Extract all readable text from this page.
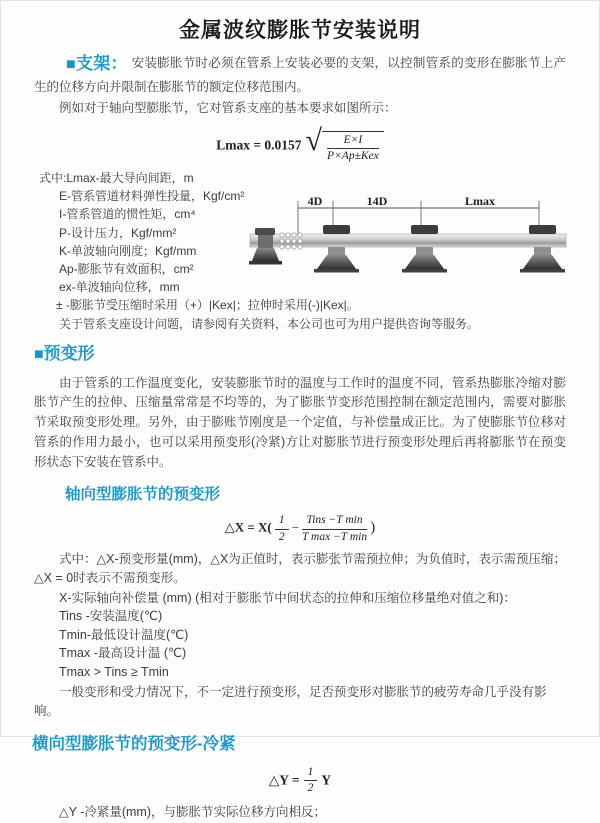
金属波纹膨胀节安装说明

■支架： 安装膨胀节时必须在管系上安装必要的支架，以控制管系的变形在膨胀节上产生的位移方向并限制在膨胀节的额定位移范围内。

例如对于轴向型膨胀节，它对管系支座的基本要求如图所示：

Lmax = 0.0157 √ $\frac{E\times I}{\text{P×Ap±Kex}}$
式中:Lmax-最大导向间距，m
E-管系管道材料弹性投量，Kgf/cm²
I-管系管道的惯性矩，cm⁴
P-设计压力，Kgf/mm²
K-单波轴向刚度；Kgf/mm
Ap-膨胀节有效面积，cm²
ex-单波轴向位移，mm
± -膨胀节受压缩时采用（+）|Kex|；拉伸时采用(-)|Kex|。
关于管系支座设计问题，请参阅有关资料，本公司也可为用户提供咨询等服务。
4D	14D	Lmax

■预变形

由于管系的工作温度变化，安装膨胀节时的温度与工作时的温度不同，管系热膨胀冷缩对膨胀节产生的拉伸、压缩量常常是不均等的，为了膨胀节变形范围控制在额定范围内，需要对膨胀节采取预变形处理。另外，由于膨账节刚度是一个定值，与补偿量成正比。为了使膨胀节位移对管系的作用力最小，也可以采用预变形(冷紧)方让对膨胀节进行预变形处理后再将膨胀节在预变形状态下安装在管系中。

轴向型膨胀节的预变形
△X = $X( \frac{1}{2} - \frac{\text{Tins −T min}}{\text{T max −T min}}$ )

式中：△X-预变形量(mm)，△X为正值时，表示膨张节需预拉伸；为负值时，表示需预压缩；△X = 0时表示不需预变形。

X-实际轴向补偿量 (mm) (相对于膨胀节中间状态的拉伸和压缩位移量绝对值之和)：
Tins -安装温度(℃)
Tmin-最低设计温度(℃)
Tmax -最高设计温 (℃)
Tmax > Tins ≥ Tmin

一般变形和受力情况下，不一定进行预变形，足否预变形对膨胀节的疲劳寿命几乎没有影响。

横向型膨胀节的预变形-冷紧
△Y = $\frac{1}{2}$ Y

△Y -冷紧量(mm)，与膨胀节实际位移方向相反；
